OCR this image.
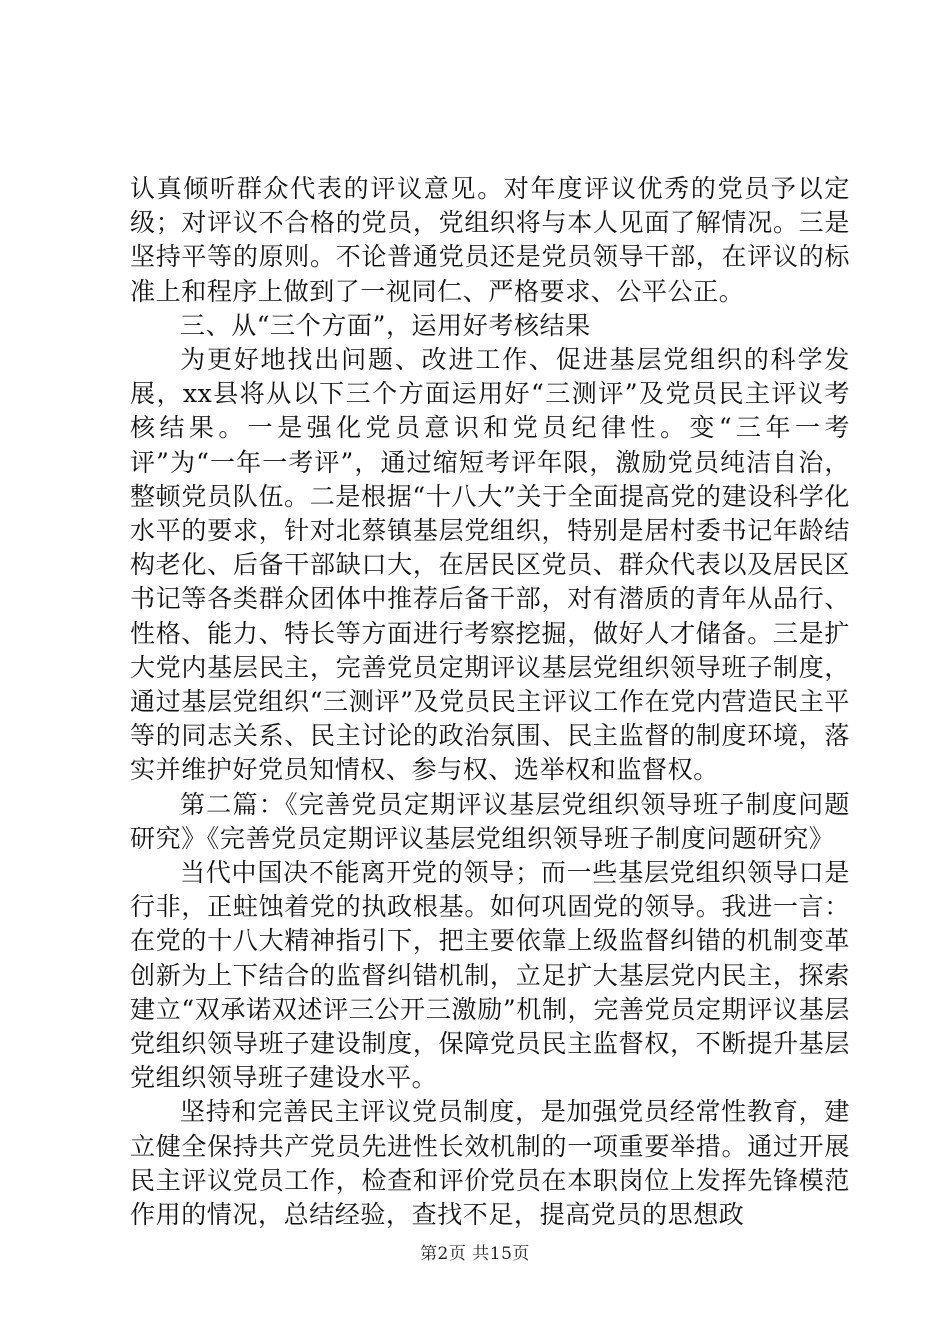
认真倾听群众代表的评议意见。对年度评议优秀的党员予以定级；对评议不合格的党员，党组织将与本人见面了解情况。三是坚持平等的原则。不论普通党员还是党员领导干部，在评议的标准上和程序上做到了一视同仁、严格要求、公平公正。

三、从“三个方面”，运用好考核结果

为更好地找出问题、改进工作、促进基层党组织的科学发展，xx县将从以下三个方面运用好“三测评”及党员民主评议考核结果。一是强化党员意识和党员纪律性。变“三年一考评”为“一年一考评”，通过缩短考评年限，激励党员纯洁自治，整顿党员队伍。二是根据“十八大”关于全面提高党的建设科学化水平的要求，针对北蔡镇基层党组织，特别是居村委书记年龄结构老化、后备干部缺口大，在居民区党员、群众代表以及居民区书记等各类群众团体中推荐后备干部，对有潜质的青年从品行、性格、能力、特长等方面进行考察挖掘，做好人才储备。三是扩大党内基层民主，完善党员定期评议基层党组织领导班子制度，通过基层党组织“三测评”及党员民主评议工作在党内营造民主平等的同志关系、民主讨论的政治氛围、民主监督的制度环境，落实并维护好党员知情权、参与权、选举权和监督权。

第二篇：《完善党员定期评议基层党组织领导班子制度问题研究》《完善党员定期评议基层党组织领导班子制度问题研究》

当代中国决不能离开党的领导；而一些基层党组织领导口是行非，正蛀蚀着党的执政根基。如何巩固党的领导。我进一言：在党的十八大精神指引下，把主要依靠上级监督纠错的机制变革创新为上下结合的监督纠错机制，立足扩大基层党内民主，探索建立“双承诺双述评三公开三激励”机制，完善党员定期评议基层党组织领导班子建设制度，保障党员民主监督权，不断提升基层党组织领导班子建设水平。

坚持和完善民主评议党员制度，是加强党员经常性教育，建立健全保持共产党员先进性长效机制的一项重要举措。通过开展民主评议党员工作，检查和评价党员在本职岗位上发挥先锋模范作用的情况，总结经验，查找不足，提高党员的思想政

第2页 共15页
